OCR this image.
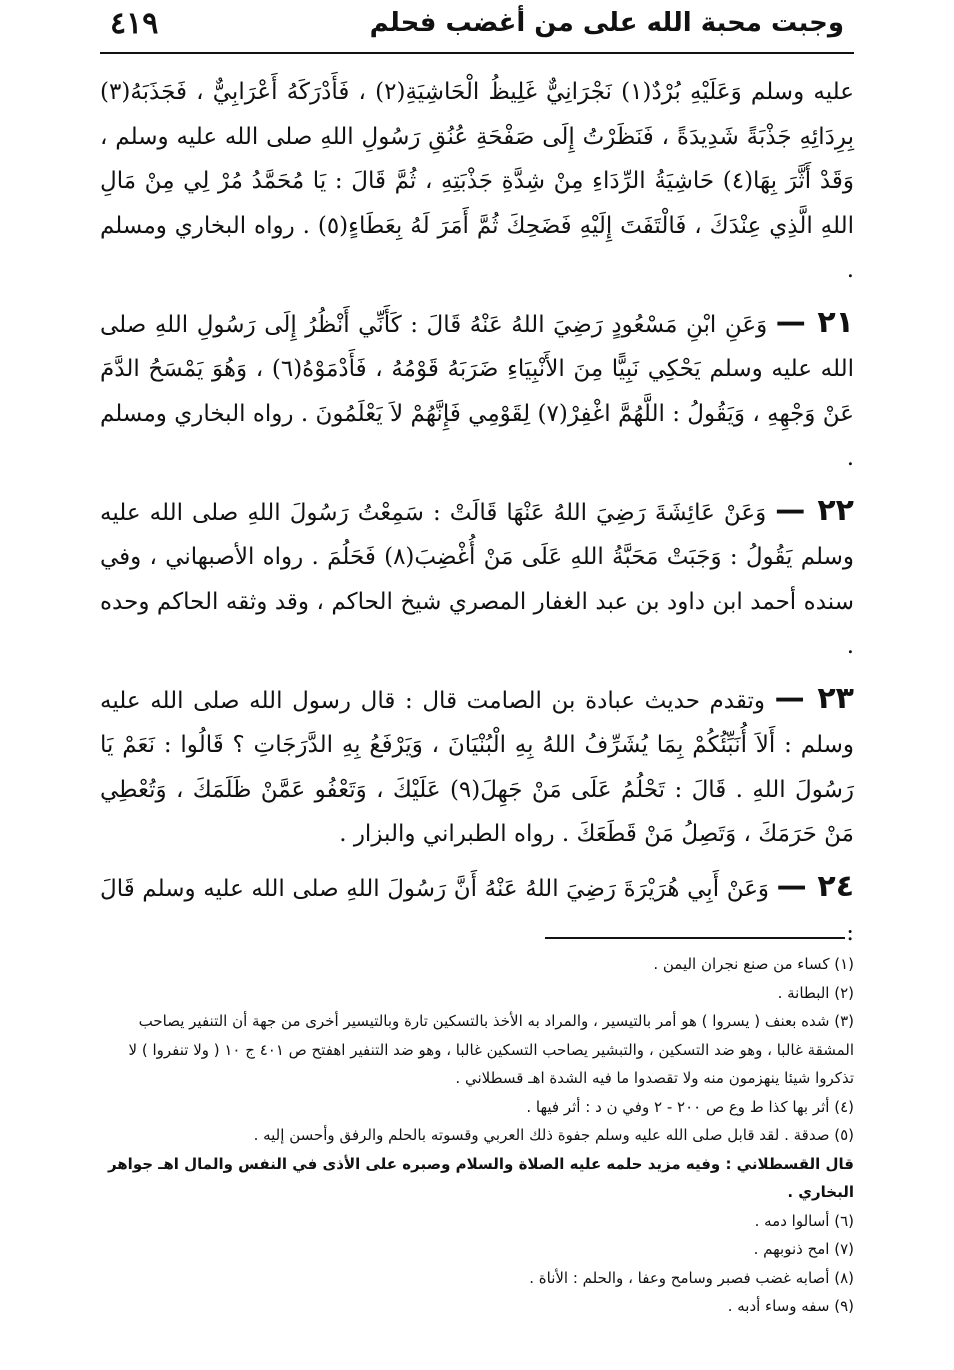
٤١٩	وجبت محبة الله على من أغضب فحلم

عليه وسلم وَعَلَيْهِ بُرْدٌ(١) نَجْرَانِيٌّ غَلِيظُ الْحَاشِيَةِ(٢) ، فَأَدْرَكَهُ أَعْرَابِيٌّ ، فَجَذَبَهُ(٣) بِرِدَائِهِ جَذْبَةً شَدِيدَةً ، فَنَظَرْتُ إِلَى صَفْحَةِ عُنُقِ رَسُولِ اللهِ صلى الله عليه وسلم ، وَقَدْ أَثَّرَ بِهَا(٤) حَاشِيَةُ الرِّدَاءِ مِنْ شِدَّةِ جَذْبَتِهِ ، ثُمَّ قَالَ : يَا مُحَمَّدُ مُرْ لِي مِنْ مَالِ اللهِ الَّذِي عِنْدَكَ ، فَالْتَفَتَ إِلَيْهِ فَضَحِكَ ثُمَّ أَمَرَ لَهُ بِعَطَاءٍ(٥) . رواه البخاري ومسلم .

٢١ — وَعَنِ ابْنِ مَسْعُودٍ رَضِيَ اللهُ عَنْهُ قَالَ : كَأَنِّي أَنْظُرُ إِلَى رَسُولِ اللهِ صلى الله عليه وسلم يَحْكِي نَبِيًّا مِنَ الأَنْبِيَاءِ ضَرَبَهُ قَوْمُهُ ، فَأَدْمَوْهُ(٦) ، وَهُوَ يَمْسَحُ الدَّمَ عَنْ وَجْهِهِ ، وَيَقُولُ : اللَّهُمَّ اغْفِرْ(٧) لِقَوْمِي فَإِنَّهُمْ لاَ يَعْلَمُونَ . رواه البخاري ومسلم .

٢٢ — وَعَنْ عَائِشَةَ رَضِيَ اللهُ عَنْهَا قَالَتْ : سَمِعْتُ رَسُولَ اللهِ صلى الله عليه وسلم يَقُولُ : وَجَبَتْ مَحَبَّةُ اللهِ عَلَى مَنْ أُغْضِبَ(٨) فَحَلُمَ . رواه الأصبهاني ، وفي سنده أحمد ابن داود بن عبد الغفار المصري شيخ الحاكم ، وقد وثقه الحاكم وحده .

٢٣ — وتقدم حديث عبادة بن الصامت قال : قال رسول الله صلى الله عليه وسلم : أَلاَ أُنَبِّئُكُمْ بِمَا يُشَرِّفُ اللهُ بِهِ الْبُنْيَانَ ، وَيَرْفَعُ بِهِ الدَّرَجَاتِ ؟ قَالُوا : نَعَمْ يَا رَسُولَ اللهِ . قَالَ : تَحْلُمُ عَلَى مَنْ جَهِلَ(٩) عَلَيْكَ ، وَتَعْفُو عَمَّنْ ظَلَمَكَ ، وَتُعْطِي مَنْ حَرَمَكَ ، وَتَصِلُ مَنْ قَطَعَكَ . رواه الطبراني والبزار .

٢٤ — وَعَنْ أَبِي هُرَيْرَةَ رَضِيَ اللهُ عَنْهُ أَنَّ رَسُولَ اللهِ صلى الله عليه وسلم قَالَ :

(١) كساء من صنع نجران اليمن .

(٢) البطانة .

(٣) شده بعنف ( يسروا ) هو أمر بالتيسير ، والمراد به الأخذ بالتسكين تارة وبالتيسير أخرى من جهة أن التنفير يصاحب المشقة غالبا ، وهو ضد التسكين ، والتبشير يصاحب التسكين غالبا ، وهو ضد التنفير اهفتح ص ٤٠١ ج ١٠ ( ولا تنفروا ) لا تذكروا شيئا ينهزمون منه ولا تقصدوا ما فيه الشدة اهـ قسطلاني .

(٤) أثر بها كذا ط وع ص ٢٠٠ - ٢ وفي ن د : أثر فيها .

(٥) صدقة . لقد قابل صلى الله عليه وسلم جفوة ذلك العربي وقسوته بالحلم والرفق وأحسن إليه .

قال القسطلاني : وفيه مزيد حلمه عليه الصلاة والسلام وصبره على الأذى في النفس والمال اهـ جواهر البخاري .

(٦) أسالوا دمه .

(٧) امح ذنوبهم .

(٨) أصابه غضب فصبر وسامح وعفا ، والحلم : الأناة .

(٩) سفه وساء أدبه .
